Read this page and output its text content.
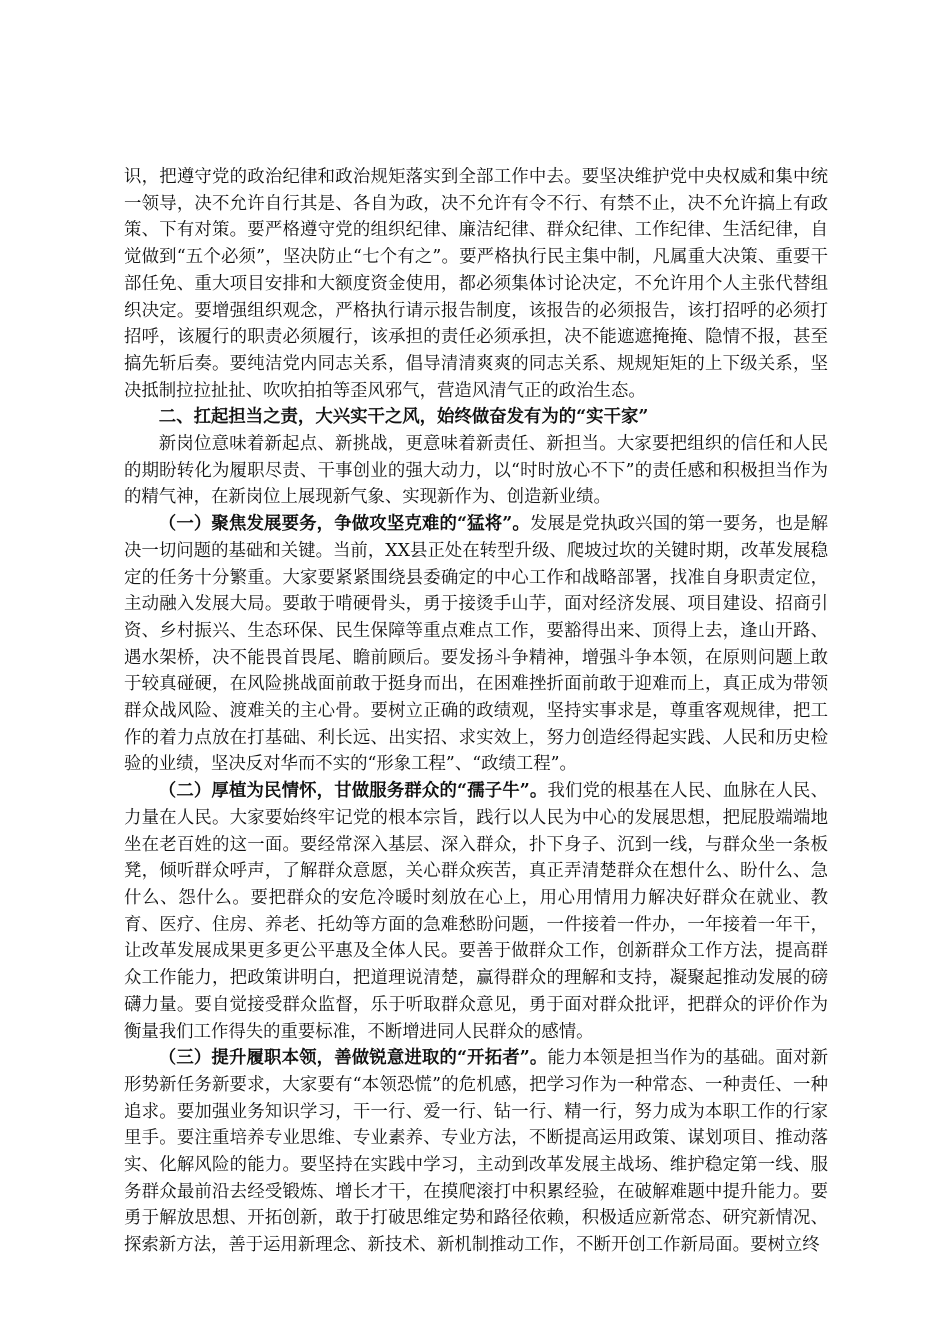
识，把遵守党的政治纪律和政治规矩落实到全部工作中去。要坚决维护党中央权威和集中统一领导，决不允许自行其是、各自为政，决不允许有令不行、有禁不止，决不允许搞上有政策、下有对策。要严格遵守党的组织纪律、廉洁纪律、群众纪律、工作纪律、生活纪律，自觉做到“五个必须”，坚决防止“七个有之”。要严格执行民主集中制，凡属重大决策、重要干部任免、重大项目安排和大额度资金使用，都必须集体讨论决定，不允许用个人主张代替组织决定。要增强组织观念，严格执行请示报告制度，该报告的必须报告，该打招呼的必须打招呼，该履行的职责必须履行，该承担的责任必须承担，决不能遮遮掩掩、隐情不报，甚至搞先斩后奏。要纯洁党内同志关系，倡导清清爽爽的同志关系、规规矩矩的上下级关系，坚决抵制拉拉扯扯、吹吹拍拍等歪风邪气，营造风清气正的政治生态。

二、扛起担当之责，大兴实干之风，始终做奋发有为的“实干家”

新岗位意味着新起点、新挑战，更意味着新责任、新担当。大家要把组织的信任和人民的期盼转化为履职尽责、干事创业的强大动力，以“时时放心不下”的责任感和积极担当作为的精气神，在新岗位上展现新气象、实现新作为、创造新业绩。

（一）聚焦发展要务，争做攻坚克难的“猛将”。发展是党执政兴国的第一要务，也是解决一切问题的基础和关键。当前，XX县正处在转型升级、爬坡过坎的关键时期，改革发展稳定的任务十分繁重。大家要紧紧围绕县委确定的中心工作和战略部署，找准自身职责定位，主动融入发展大局。要敢于啃硬骨头，勇于接烫手山芋，面对经济发展、项目建设、招商引资、乡村振兴、生态环保、民生保障等重点难点工作，要豁得出来、顶得上去，逢山开路、遇水架桥，决不能畏首畏尾、瞻前顾后。要发扬斗争精神，增强斗争本领，在原则问题上敢于较真碰硬，在风险挑战面前敢于挺身而出，在困难挫折面前敢于迎难而上，真正成为带领群众战风险、渡难关的主心骨。要树立正确的政绩观，坚持实事求是，尊重客观规律，把工作的着力点放在打基础、利长远、出实招、求实效上，努力创造经得起实践、人民和历史检验的业绩，坚决反对华而不实的“形象工程”、“政绩工程”。

（二）厚植为民情怀，甘做服务群众的“孺子牛”。我们党的根基在人民、血脉在人民、力量在人民。大家要始终牢记党的根本宗旨，践行以人民为中心的发展思想，把屁股端端地坐在老百姓的这一面。要经常深入基层、深入群众，扑下身子、沉到一线，与群众坐一条板凳，倾听群众呼声，了解群众意愿，关心群众疾苦，真正弄清楚群众在想什么、盼什么、急什么、怨什么。要把群众的安危冷暖时刻放在心上，用心用情用力解决好群众在就业、教育、医疗、住房、养老、托幼等方面的急难愁盼问题，一件接着一件办，一年接着一年干，让改革发展成果更多更公平惠及全体人民。要善于做群众工作，创新群众工作方法，提高群众工作能力，把政策讲明白，把道理说清楚，赢得群众的理解和支持，凝聚起推动发展的磅礴力量。要自觉接受群众监督，乐于听取群众意见，勇于面对群众批评，把群众的评价作为衡量我们工作得失的重要标准，不断增进同人民群众的感情。

（三）提升履职本领，善做锐意进取的“开拓者”。能力本领是担当作为的基础。面对新形势新任务新要求，大家要有“本领恐慌”的危机感，把学习作为一种常态、一种责任、一种追求。要加强业务知识学习，干一行、爱一行、钻一行、精一行，努力成为本职工作的行家里手。要注重培养专业思维、专业素养、专业方法，不断提高运用政策、谋划项目、推动落实、化解风险的能力。要坚持在实践中学习，主动到改革发展主战场、维护稳定第一线、服务群众最前沿去经受锻炼、增长才干，在摸爬滚打中积累经验，在破解难题中提升能力。要勇于解放思想、开拓创新，敢于打破思维定势和路径依赖，积极适应新常态、研究新情况、探索新方法，善于运用新理念、新技术、新机制推动工作，不断开创工作新局面。要树立终
